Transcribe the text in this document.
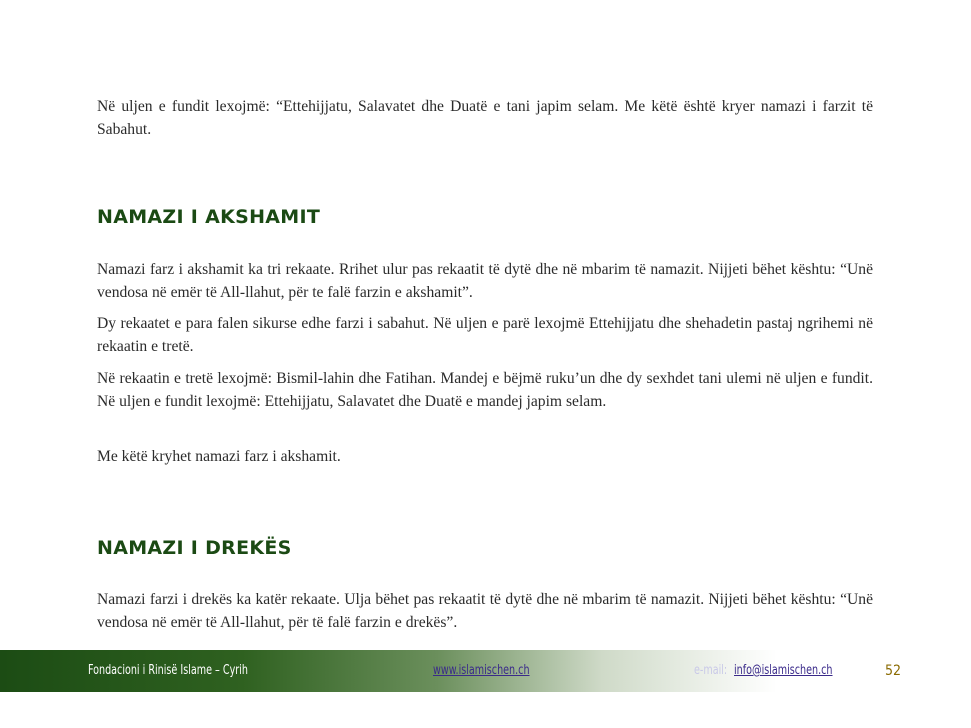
Në uljen e fundit lexojmë: “Ettehijjatu, Salavatet dhe Duatë e tani japim selam. Me këtë është kryer namazi i farzit të Sabahut.

NAMAZI I AKSHAMIT

Namazi farz i akshamit ka tri rekaate. Rrihet ulur pas rekaatit të dytë dhe në mbarim të namazit. Nijjeti bëhet kështu: “Unë vendosa në emër të All-llahut, për te falë farzin e akshamit”.

Dy rekaatet e para falen sikurse edhe farzi i sabahut. Në uljen e parë lexojmë Ettehijjatu dhe shehadetin pastaj ngrihemi në rekaatin e tretë.

Në rekaatin e tretë lexojmë: Bismil-lahin dhe Fatihan. Mandej e bëjmë ruku’un dhe dy sexhdet tani ulemi në uljen e fundit. Në uljen e fundit lexojmë: Ettehijjatu, Salavatet dhe Duatë e mandej japim selam.

Me këtë kryhet namazi farz i akshamit.

NAMAZI I DREKËS

Namazi farzi i drekës ka katër rekaate. Ulja bëhet pas rekaatit të dytë dhe në mbarim të namazit. Nijjeti bëhet kështu: “Unë vendosa në emër të All-llahut, për të falë farzin e drekës”.

Fondacioni i Rinisë Islame – Cyrih	www.islamischen.ch	e-mail: info@islamischen.ch	52
